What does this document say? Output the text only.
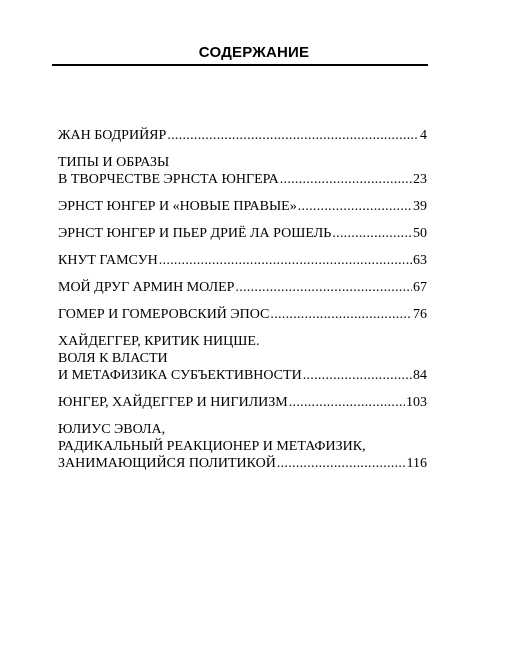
СОДЕРЖАНИЕ
ЖАН БОДРИЙЯР .....	4
ТИПЫ И ОБРАЗЫ
В ТВОРЧЕСТВЕ ЭРНСТА ЮНГЕРА .....	23
ЭРНСТ ЮНГЕР И «НОВЫЕ ПРАВЫЕ» .....	39
ЭРНСТ ЮНГЕР И ПЬЕР ДРИЁ ЛА РОШЕЛЬ .....	50
КНУТ ГАМСУН .....	63
МОЙ ДРУГ АРМИН МОЛЕР .....	67
ГОМЕР И ГОМЕРОВСКИЙ ЭПОС .....	76
ХАЙДЕГГЕР, КРИТИК НИЦШЕ.
ВОЛЯ К ВЛАСТИ
И МЕТАФИЗИКА СУБЪЕКТИВНОСТИ .....	84
ЮНГЕР, ХАЙДЕГГЕР И НИГИЛИЗМ .....	103
ЮЛИУС ЭВОЛА,
РАДИКАЛЬНЫЙ РЕАКЦИОНЕР И МЕТАФИЗИК,
ЗАНИМАЮЩИЙСЯ ПОЛИТИКОЙ .....	116
